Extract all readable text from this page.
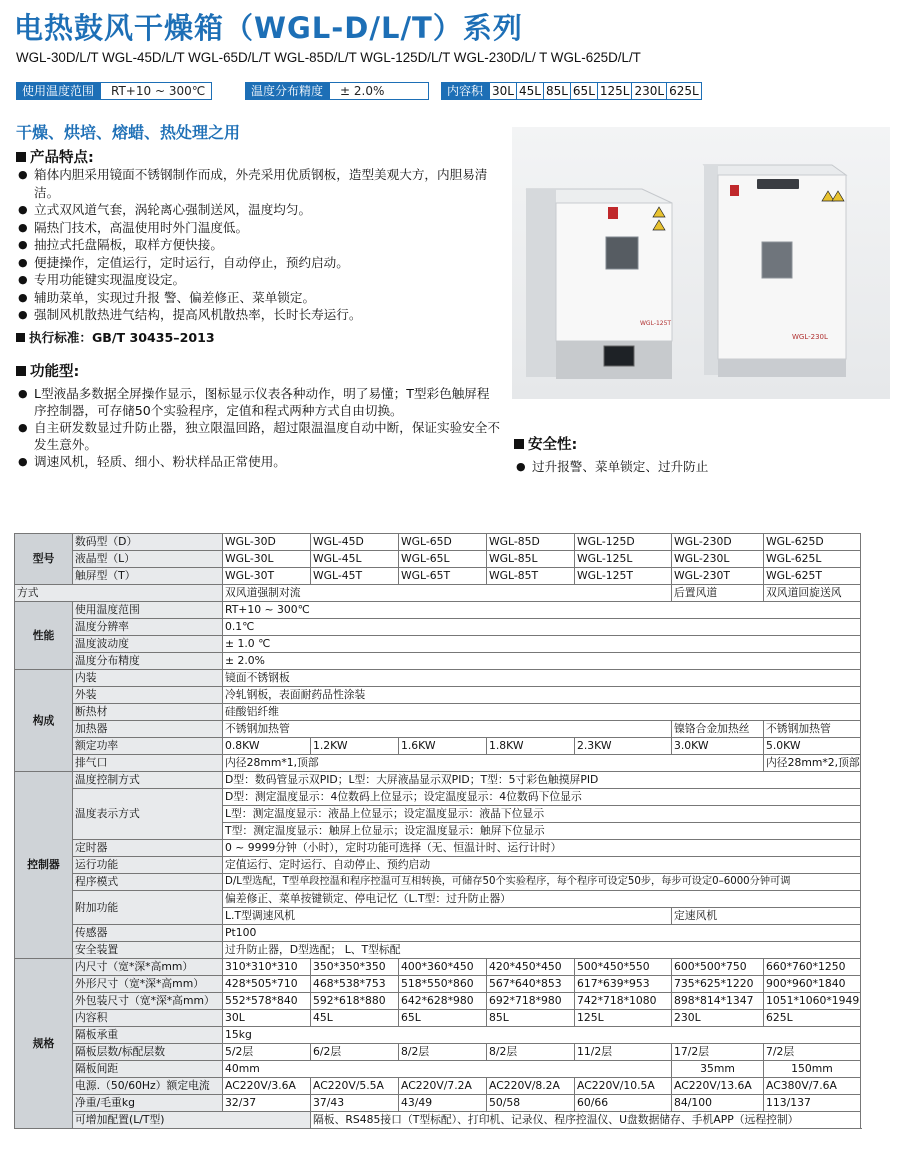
电热鼓风干燥箱（WGL-D/L/T）系列
WGL-30D/L/T WGL-45D/L/T WGL-65D/L/T WGL-85D/L/T WGL-125D/L/T WGL-230D/L/ T WGL-625D/L/T
使用温度范围	RT+10 ~ 300℃	温度分布精度	± 2.0%	内容积 30L 45L 85L 65L 125L 230L 625L
干燥、烘培、熔蜡、热处理之用
产品特点:
● 箱体内胆采用镜面不锈钢制作而成，外壳采用优质钢板，造型美观大方，内胆易清洁。
● 立式双风道气套，涡轮离心强制送风，温度均匀。
● 隔热门技术，高温使用时外门温度低。
● 抽拉式托盘隔板，取样方便快接。
● 便捷操作，定值运行，定时运行，自动停止，预约启动。
● 专用功能键实现温度设定。
● 辅助菜单，实现过升报 警、偏差修正、菜单锁定。
● 强制风机散热进气结构，提高风机散热率，长时长寿运行。
执行标准：GB/T 30435–2013
功能型:
● L型液晶多数据全屏操作显示，图标显示仪表各种动作，明了易懂；T型彩色触屏程序控制器，可存储50个实验程序，定值和程式两种方式自由切换。
● 自主研发数显过升防止器，独立限温回路，超过限温温度自动中断，保证实验安全不发生意外。
● 调速风机，轻质、细小、粉状样品正常使用。
安全性:
● 过升报警、菜单锁定、过升防止
WGL-230L
WGL-125T
型号	数码型（D）	WGL-30D	WGL-45D	WGL-65D	WGL-85D	WGL-125D	WGL-230D	WGL-625D
	液晶型（L）	WGL-30L	WGL-45L	WGL-65L	WGL-85L	WGL-125L	WGL-230L	WGL-625L
	触屏型（T）	WGL-30T	WGL-45T	WGL-65T	WGL-85T	WGL-125T	WGL-230T	WGL-625T
方式		双风道强制对流					后置风道	双风道回旋送风
性能	使用温度范围	RT+10 ~ 300℃						
	温度分辨率	0.1℃						
	温度波动度	± 1.0 ℃						
	温度分布精度	± 2.0%						
构成	内装	镜面不锈钢板						
	外装	冷轧钢板，表面耐药品性涂装						
	断热材	硅酸铝纤维						
	加热器	不锈钢加热管					镍铬合金加热丝	不锈钢加热管
	额定功率	0.8KW	1.2KW	1.6KW	1.8KW	2.3KW	3.0KW	5.0KW
	排气口	内径28mm*1,顶部						内径28mm*2,顶部
控制器	温度控制方式	D型：数码管显示双PID；L型：大屏液晶显示双PID；T型：5寸彩色触摸屏PID						
	温度表示方式	D型：测定温度显示：4位数码上位显示；设定温度显示：4位数码下位显示						
		L型：测定温度显示：液晶上位显示；设定温度显示：液晶下位显示						
		T型：测定温度显示：触屏上位显示；设定温度显示：触屏下位显示						
	定时器	0 ~ 9999分钟（小时），定时功能可选择（无、恒温计时、运行计时）						
	运行功能	定值运行、定时运行、自动停止、预约启动						
	程序模式	D/L型选配，T型单段控温和程序控温可互相转换，可储存50个实验程序，每个程序可设定50步，每步可设定0–6000分钟可调						
	附加功能	偏差修正、菜单按键锁定、停电记忆（L.T型：过升防止器）						
		L.T型调速风机					定速风机	
	传感器	Pt100						
	安全装置	过升防止器，D型选配； L、T型标配						
规格	内尺寸（宽*深*高mm）	310*310*310	350*350*350	400*360*450	420*450*450	500*450*550	600*500*750	660*760*1250
	外形尺寸（宽*深*高mm）	428*505*710	468*538*753	518*550*860	567*640*853	617*639*953	735*625*1220	900*960*1840
	外包装尺寸（宽*深*高mm）	552*578*840	592*618*880	642*628*980	692*718*980	742*718*1080	898*814*1347	1051*1060*1949
	内容积	30L	45L	65L	85L	125L	230L	625L
	隔板承重	15kg						
	隔板层数/标配层数	5/2层	6/2层	8/2层	8/2层	11/2层	17/2层	7/2层
	隔板间距	40mm					35mm	150mm
	电源.（50/60Hz）额定电流	AC220V/3.6A	AC220V/5.5A	AC220V/7.2A	AC220V/8.2A	AC220V/10.5A	AC220V/13.6A	AC380V/7.6A
	净重/毛重kg	32/37	37/43	43/49	50/58	60/66	84/100	113/137
	可增加配置(L/T型)		隔板、RS485接口（T型标配）、打印机、记录仪、程序控温仪、U盘数据储存、手机APP（远程控制）					
